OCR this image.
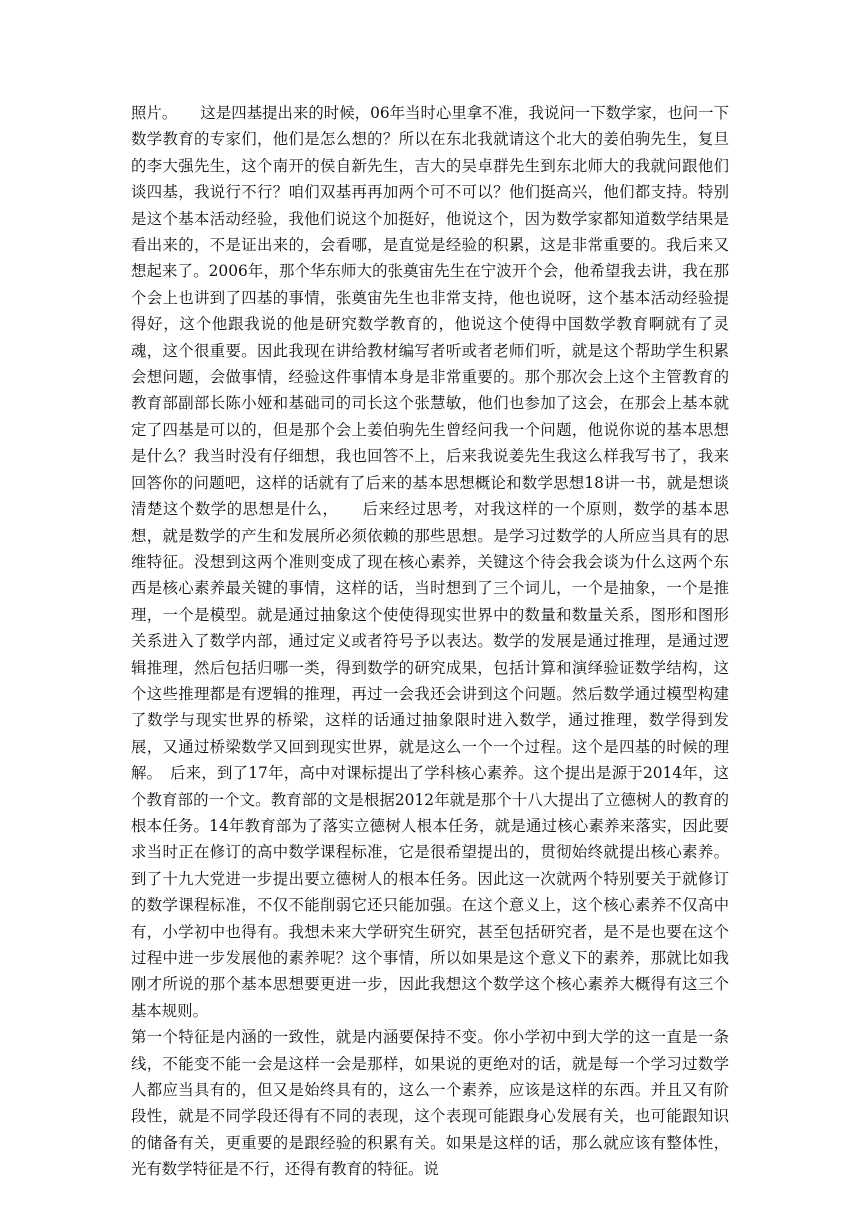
照片。　　这是四基提出来的时候，06年当时心里拿不准，我说问一下数学家，也问一下数学教育的专家们，他们是怎么想的？所以在东北我就请这个北大的姜伯驹先生，复旦的李大强先生，这个南开的侯自新先生，吉大的吴卓群先生到东北师大的我就问跟他们谈四基，我说行不行？咱们双基再再加两个可不可以？他们挺高兴，他们都支持。特别是这个基本活动经验，我他们说这个加挺好，他说这个，因为数学家都知道数学结果是看出来的，不是证出来的，会看哪，是直觉是经验的积累，这是非常重要的。我后来又想起来了。2006年，那个华东师大的张奠宙先生在宁波开个会，他希望我去讲，我在那个会上也讲到了四基的事情，张奠宙先生也非常支持，他也说呀，这个基本活动经验提得好，这个他跟我说的他是研究数学教育的，他说这个使得中国数学教育啊就有了灵魂，这个很重要。因此我现在讲给教材编写者听或者老师们听，就是这个帮助学生积累会想问题，会做事情，经验这件事情本身是非常重要的。那个那次会上这个主管教育的教育部副部长陈小娅和基础司的司长这个张慧敏，他们也参加了这会，在那会上基本就定了四基是可以的，但是那个会上姜伯驹先生曾经问我一个问题，他说你说的基本思想是什么？我当时没有仔细想，我也回答不上，后来我说姜先生我这么样我写书了，我来回答你的问题吧，这样的话就有了后来的基本思想概论和数学思想18讲一书，就是想谈清楚这个数学的思想是什么，　　后来经过思考，对我这样的一个原则，数学的基本思想，就是数学的产生和发展所必须依赖的那些思想。是学习过数学的人所应当具有的思维特征。没想到这两个准则变成了现在核心素养，关键这个待会我会谈为什么这两个东西是核心素养最关键的事情，这样的话，当时想到了三个词儿，一个是抽象，一个是推理，一个是模型。就是通过抽象这个使使得现实世界中的数量和数量关系，图形和图形关系进入了数学内部，通过定义或者符号予以表达。数学的发展是通过推理，是通过逻辑推理，然后包括归哪一类，得到数学的研究成果，包括计算和演绎验证数学结构，这个这些推理都是有逻辑的推理，再过一会我还会讲到这个问题。然后数学通过模型构建了数学与现实世界的桥梁，这样的话通过抽象限时进入数学，通过推理，数学得到发展，又通过桥梁数学又回到现实世界，就是这么一个一个过程。这个是四基的时候的理解。　后来，到了17年，高中对课标提出了学科核心素养。这个提出是源于2014年，这个教育部的一个文。教育部的文是根据2012年就是那个十八大提出了立德树人的教育的根本任务。14年教育部为了落实立德树人根本任务，就是通过核心素养来落实，因此要求当时正在修订的高中数学课程标准，它是很希望提出的，贯彻始终就提出核心素养。到了十九大党进一步提出要立德树人的根本任务。因此这一次就两个特别要关于就修订的数学课程标准，不仅不能削弱它还只能加强。在这个意义上，这个核心素养不仅高中有，小学初中也得有。我想未来大学研究生研究，甚至包括研究者，是不是也要在这个过程中进一步发展他的素养呢？这个事情，所以如果是这个意义下的素养，那就比如我刚才所说的那个基本思想要更进一步，因此我想这个数学这个核心素养大概得有这三个基本规则。

第一个特征是内涵的一致性，就是内涵要保持不变。你小学初中到大学的这一直是一条线，不能变不能一会是这样一会是那样，如果说的更绝对的话，就是每一个学习过数学人都应当具有的，但又是始终具有的，这么一个素养，应该是这样的东西。并且又有阶段性，就是不同学段还得有不同的表现，这个表现可能跟身心发展有关，也可能跟知识的储备有关，更重要的是跟经验的积累有关。如果是这样的话，那么就应该有整体性，光有数学特征是不行，还得有教育的特征。说
